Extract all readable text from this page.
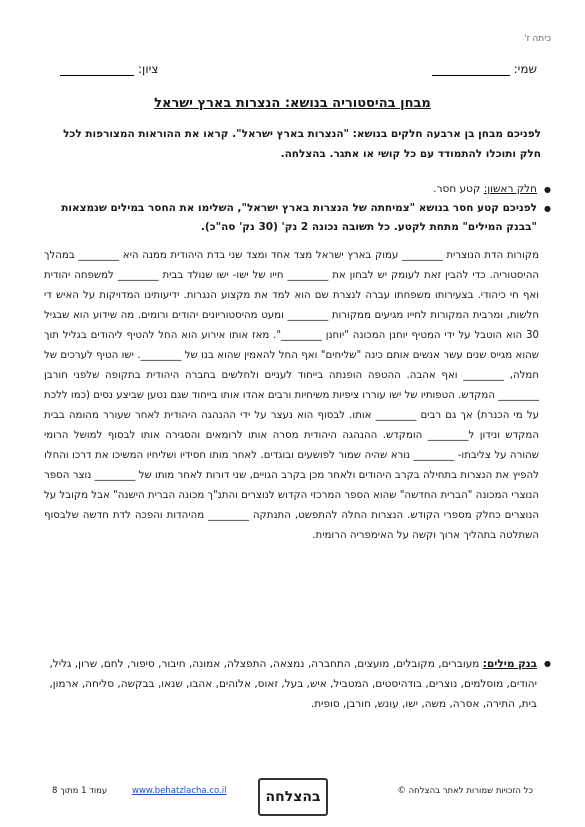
כיתה ז'
שמי:
ציון:
מבחן בהיסטוריה בנושא: הנצרות בארץ ישראל
לפניכם מבחן בן ארבעה חלקים בנושא: "הנצרות בארץ ישראל". קראו את ההוראות המצורפות לכל חלק ותוכלו להתמודד עם כל קושי או אתגר. בהצלחה.
● חלק ראשון: קטע חסר.
● לפניכם קטע חסר בנושא "צמיחתה של הנצרות בארץ ישראל", השלימו את החסר במילים שנמצאות "בבנק המילים" מתחת לקטע. כל תשובה נכונה 2 נק' (30 נק' סה"כ).

מקורות הדת הנוצרית ________ עמוק בארץ ישראל מצד אחד ומצד שני בדת היהודית ממנה היא ________ במהלך ההיסטוריה. כדי להבין זאת לעומק יש לבחון את ________ חייו של ישו- ישו שנולד בבית ________ למשפחה יהודית ואף חי כיהודי. בצעירותו משפחתו עברה לנצרת שם הוא למד את מקצוע הנגרות. ידיעותינו המדויקות על האיש די חלשות, ומרבית המקורות לחייו מגיעים ממקורות ________ ומעט מהיסטוריונים יהודים ורומים. מה שידוע הוא שבגיל 30 הוא הוטבל על ידי המטיף יוחנן המכונה "יוחנן ________". מאז אותו אירוע הוא החל להטיף ליהודים בגליל תוך שהוא מגייס שנים עשר אנשים אותם כינה "שליחים" ואף החל להאמין שהוא בנו של ________. ישו הטיף לערכים של חמלה, ________ ואף אהבה. ההטפה הופנתה בייחוד לעניים ולחלשים בחברה היהודית בתקופה שלפני חורבן ________ המקדש. הטפותיו של ישו עוררו ציפיות משיחיות ורבים אהדו אותו בייחוד שגם נטען שביצע נסים (כמו ללכת על מי הכנרת) אך גם רבים ________ אותו. לבסוף הוא נעצר על ידי ההנהגה היהודית לאחר שעורר מהומה בבית המקדש ונידון ל________ הומקדש. ההנהגה היהודית מסרה אותו לרומאים והסגירה אותו לבסוף למושל הרומי שהורה על צליבתו- ________ נורא שהיה שמור לפושעים ובוגדים. לאחר מותו חסידיו ושליחיו המשיכו את דרכו והחלו להפיץ את הנצרות בתחילה בקרב היהודים ולאחר מכן בקרב הגויים, שני דורות לאחר מותו של ________ נוצר הספר הנוצרי המכונה "הברית החדשה" שהוא הספר המרכזי הקדוש לנוצרים והתנ"ך מכונה הברית הישנה" אבל מקובל על הנוצרים כחלק מספרי הקודש. הנצרות החלה להתפשט, התנתקה ________ מהיהדות והפכה לדת חדשה שלבסוף השתלטה בתהליך ארוך וקשה על האימפריה הרומית.

● בנק מילים: מעוברים, מקובלים, מועצים, התחברה, נמצאה, התפצלה, אמונה, חיבור, סיפור, לחם, שרון, גליל, יהודים, מוסלמים, נוצרים, בודהיסטים, המטביל, איש, בעל, זאוס, אלוהים, אהבו, שנאו, בבקשה, סליחה, ארמון, בית, התירה, אסרה, משה, ישו, עונש, חורבן, סופית.
כל הזכויות שמורות לאתר בהצלחה ©
בהצלחה
www.behatzlacha.co.il
עמוד 1 מתוך 8
